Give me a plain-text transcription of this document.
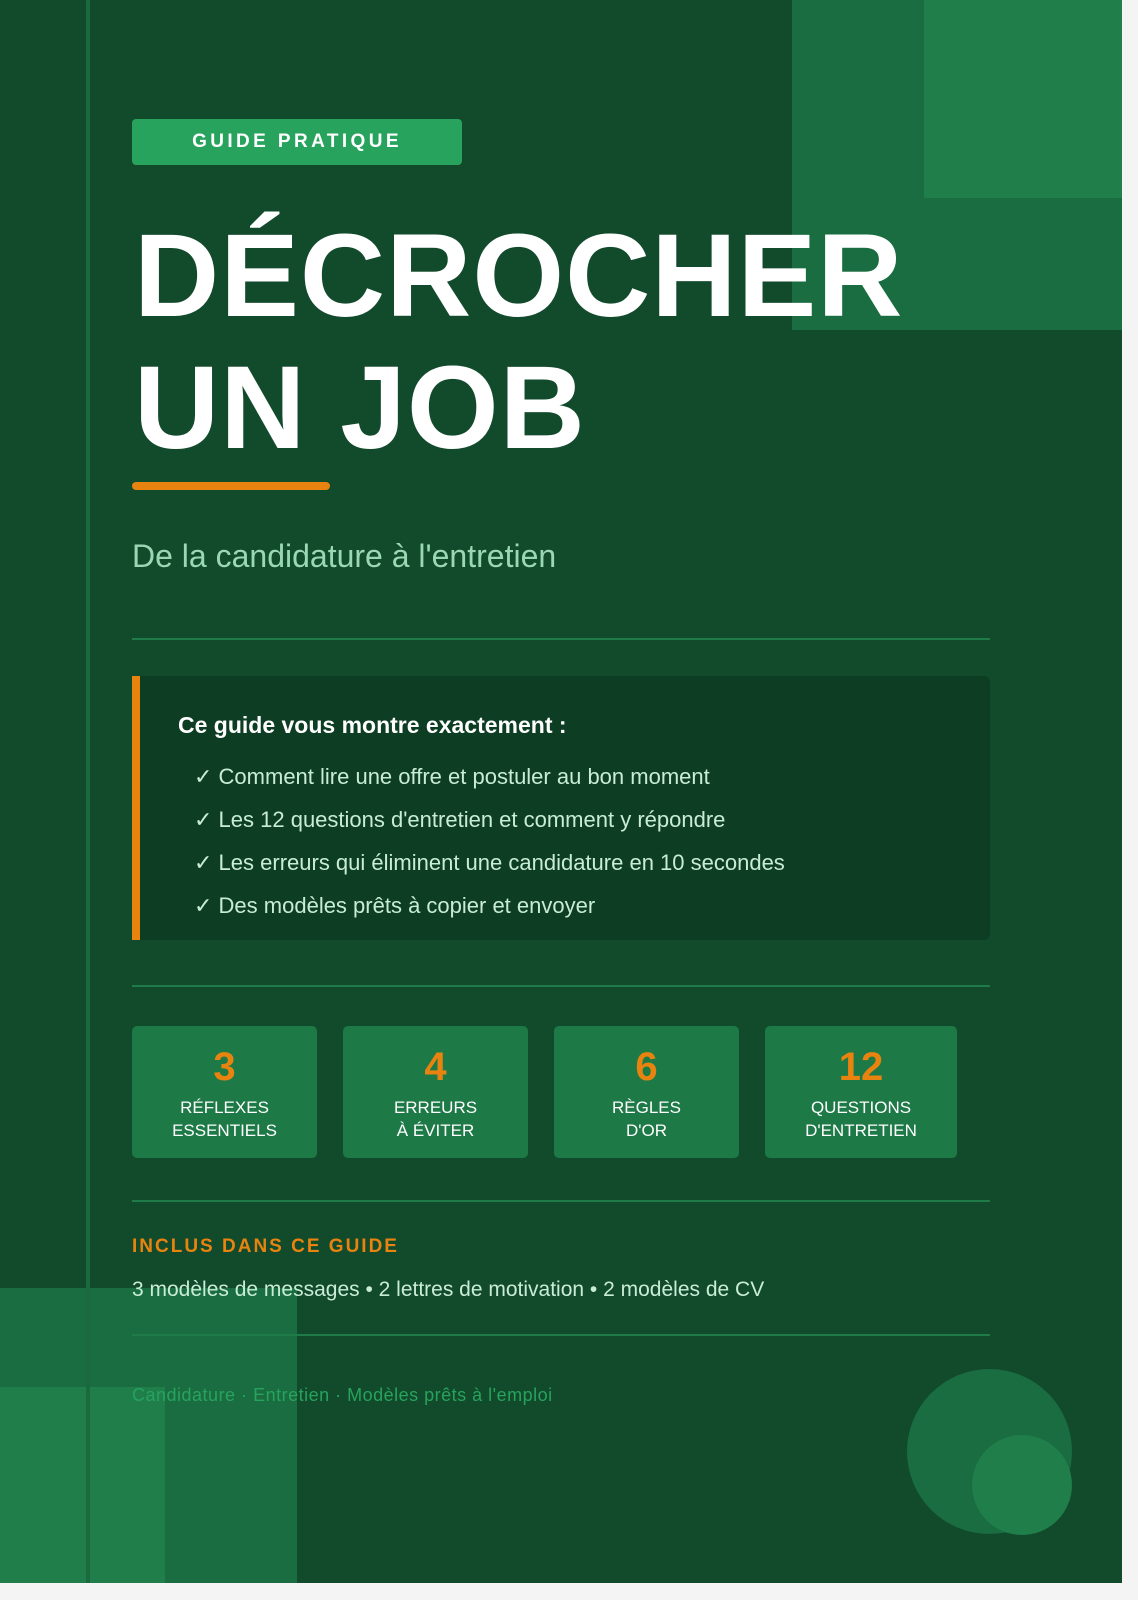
GUIDE PRATIQUE
DÉCROCHER
UN JOB
De la candidature à l'entretien
Ce guide vous montre exactement :
✓ Comment lire une offre et postuler au bon moment
✓ Les 12 questions d'entretien et comment y répondre
✓ Les erreurs qui éliminent une candidature en 10 secondes
✓ Des modèles prêts à copier et envoyer
3
RÉFLEXES
ESSENTIELS
4
ERREURS
À ÉVITER
6
RÈGLES
D'OR
12
QUESTIONS
D'ENTRETIEN
INCLUS DANS CE GUIDE
3 modèles de messages • 2 lettres de motivation • 2 modèles de CV
Candidature · Entretien · Modèles prêts à l'emploi
